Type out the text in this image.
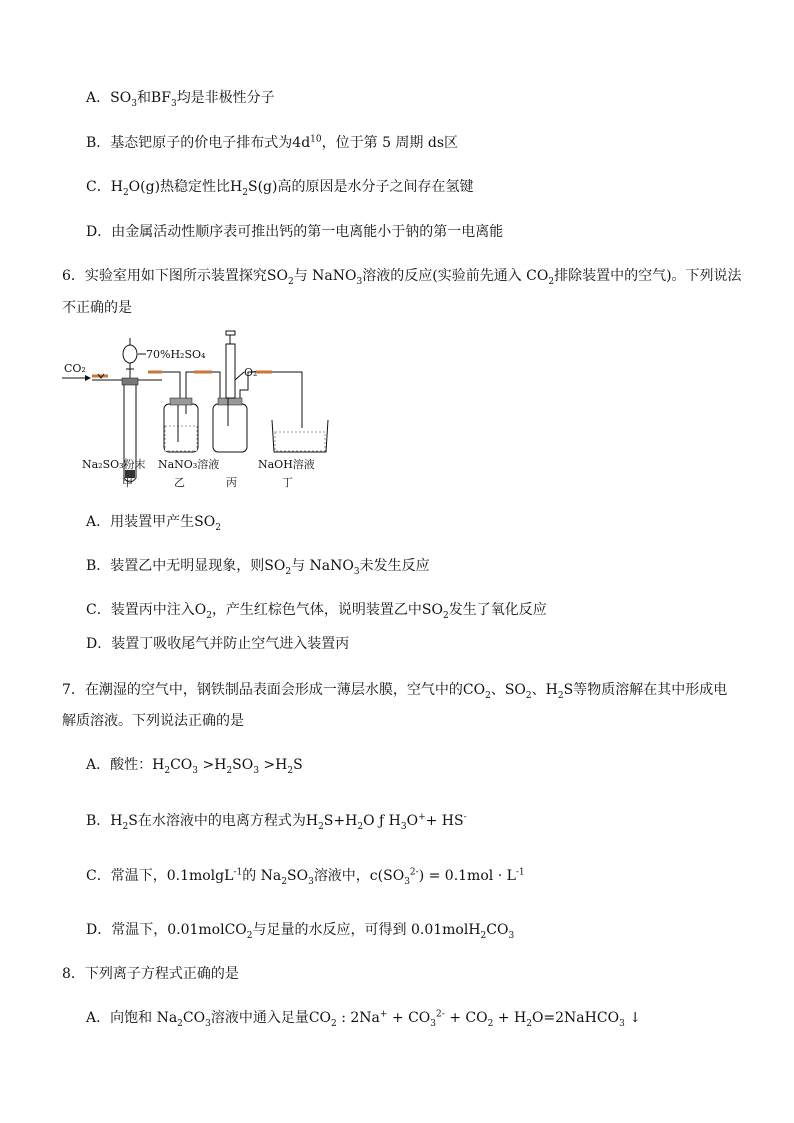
A．$SO_3$和$BF_3$均是非极性分子
B．基态钯原子的价电子排布式为$4d^{10}$，位于第 5 周期 ds区
C．$H_2O(g)$热稳定性比$H_2S(g)$高的原因是水分子之间存在氢键
D．由金属活动性顺序表可推出钙的第一电离能小于钠的第一电离能
6．实验室用如下图所示装置探究$SO_2$与 NaNO$_3$溶液的反应(实验前先通入 $CO_2$排除装置中的空气)。下列说法
不正确的是
CO₂
70%H₂SO₄
O₂
Na₂SO₃粉末 NaNO₃溶液	NaOH溶液
甲	乙	丙	丁
A．用装置甲产生$SO_2$
B．装置乙中无明显现象，则$SO_2$与 NaNO$_3$未发生反应
C．装置丙中注入$O_2$，产生红棕色气体，说明装置乙中$SO_2$发生了氧化反应
D．装置丁吸收尾气并防止空气进入装置丙
7．在潮湿的空气中，钢铁制品表面会形成一薄层水膜，空气中的$CO_2$、$SO_2$、$H_2S$等物质溶解在其中形成电
解质溶液。下列说法正确的是
A．酸性：$H_2CO_3 >H_2SO_3 >H_2S$
B．$H_2S$在水溶液中的电离方程式为$H_2S+H_2O$ ƒ $H_3O^++ HS^-$
C．常温下，0.1molgL$^{-1}$的 $Na_2SO_3$溶液中，$c(SO_3^{2-}) = 0.1mol \cdot L^{-1}$
D．常温下，0.01molCO$_2$与足量的水反应，可得到 $0.01molH_2CO_3$
8．下列离子方程式正确的是
A．向饱和 $Na_2CO_3$溶液中通入足量$CO_2$ : $2Na^+ + CO_3^{2-} + CO_2$ + $H_2O=2NaHCO_3$ ↓
